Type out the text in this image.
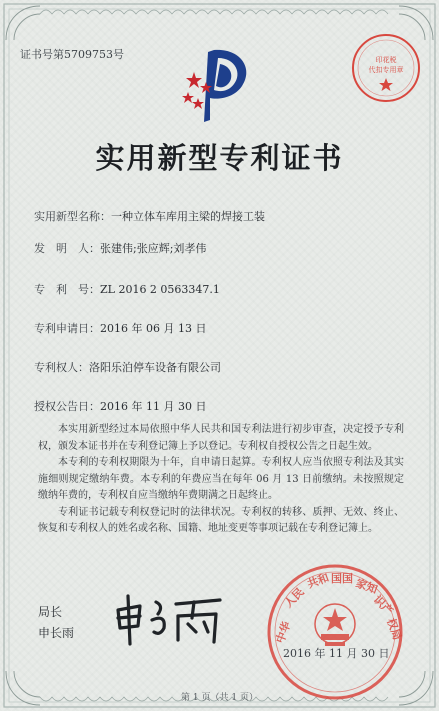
证书号第5709753号	印花税
代扣专用章
实用新型专利证书
实用新型名称：一种立体车库用主梁的焊接工装
发　明　人：张建伟;张应辉;刘孝伟
专　利　号：ZL 2016 2 0563347.1
专利申请日：2016 年 06 月 13 日
专利权人：洛阳乐泊停车设备有限公司
授权公告日：2016 年 11 月 30 日

本实用新型经过本局依照中华人民共和国专利法进行初步审查，决定授予专利权，颁发本证书并在专利登记簿上予以登记。专利权自授权公告之日起生效。

本专利的专利权期限为十年，自申请日起算。专利权人应当依照专利法及其实施细则规定缴纳年费。本专利的年费应当在每年 06 月 13 日前缴纳。未按照规定缴纳年费的，专利权自应当缴纳年费期满之日起终止。

专利证书记载专利权登记时的法律状况。专利权的转移、质押、无效、终止、恢复和专利权人的姓名或名称、国籍、地址变更等事项记载在专利登记簿上。

局长
申长雨	中华
人民
共和 国国 家知
识产
权局
2016 年 11 月 30 日
第 1 页（共 1 页）
